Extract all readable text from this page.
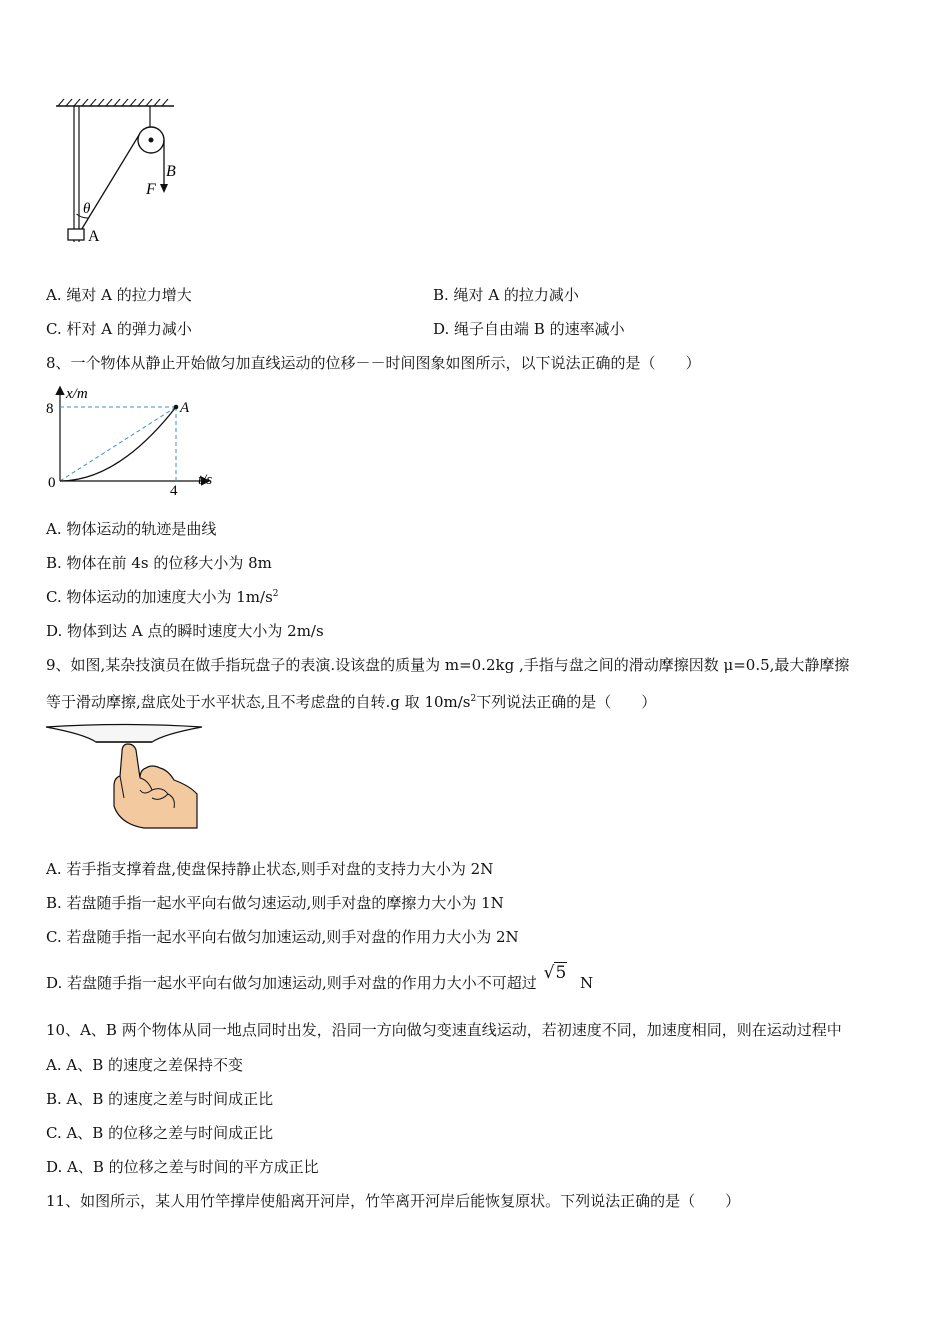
θ
A
B
F
A. 绳对 A 的拉力增大	B. 绳对 A 的拉力减小
C. 杆对 A 的弹力减小	D. 绳子自由端 B 的速率减小
8、一个物体从静止开始做匀加直线运动的位移－－时间图象如图所示，以下说法正确的是（　　）
x/m
t/s
8
4
0
A
A. 物体运动的轨迹是曲线
B. 物体在前 4s 的位移大小为 8m
C. 物体运动的加速度大小为 $1m/s^2$
D. 物体到达 A 点的瞬时速度大小为 2m/s
9、如图,某杂技演员在做手指玩盘子的表演.设该盘的质量为 m=0.2kg ,手指与盘之间的滑动摩擦因数 μ=0.5,最大静摩擦
等于滑动摩擦,盘底处于水平状态,且不考虑盘的自转.g 取 $10m/s^2$下列说法正确的是（　　）
A. 若手指支撑着盘,使盘保持静止状态,则手对盘的支持力大小为 2N
B. 若盘随手指一起水平向右做匀速运动,则手对盘的摩擦力大小为 1N
C. 若盘随手指一起水平向右做匀加速运动,则手对盘的作用力大小为 2N
D. 若盘随手指一起水平向右做匀加速运动,则手对盘的作用力大小不可超过 √5 N
10、A、B 两个物体从同一地点同时出发，沿同一方向做匀变速直线运动，若初速度不同，加速度相同，则在运动过程中
A. A、B 的速度之差保持不变
B. A、B 的速度之差与时间成正比
C. A、B 的位移之差与时间成正比
D. A、B 的位移之差与时间的平方成正比
11、如图所示，某人用竹竿撑岸使船离开河岸，竹竿离开河岸后能恢复原状。下列说法正确的是（　　）
